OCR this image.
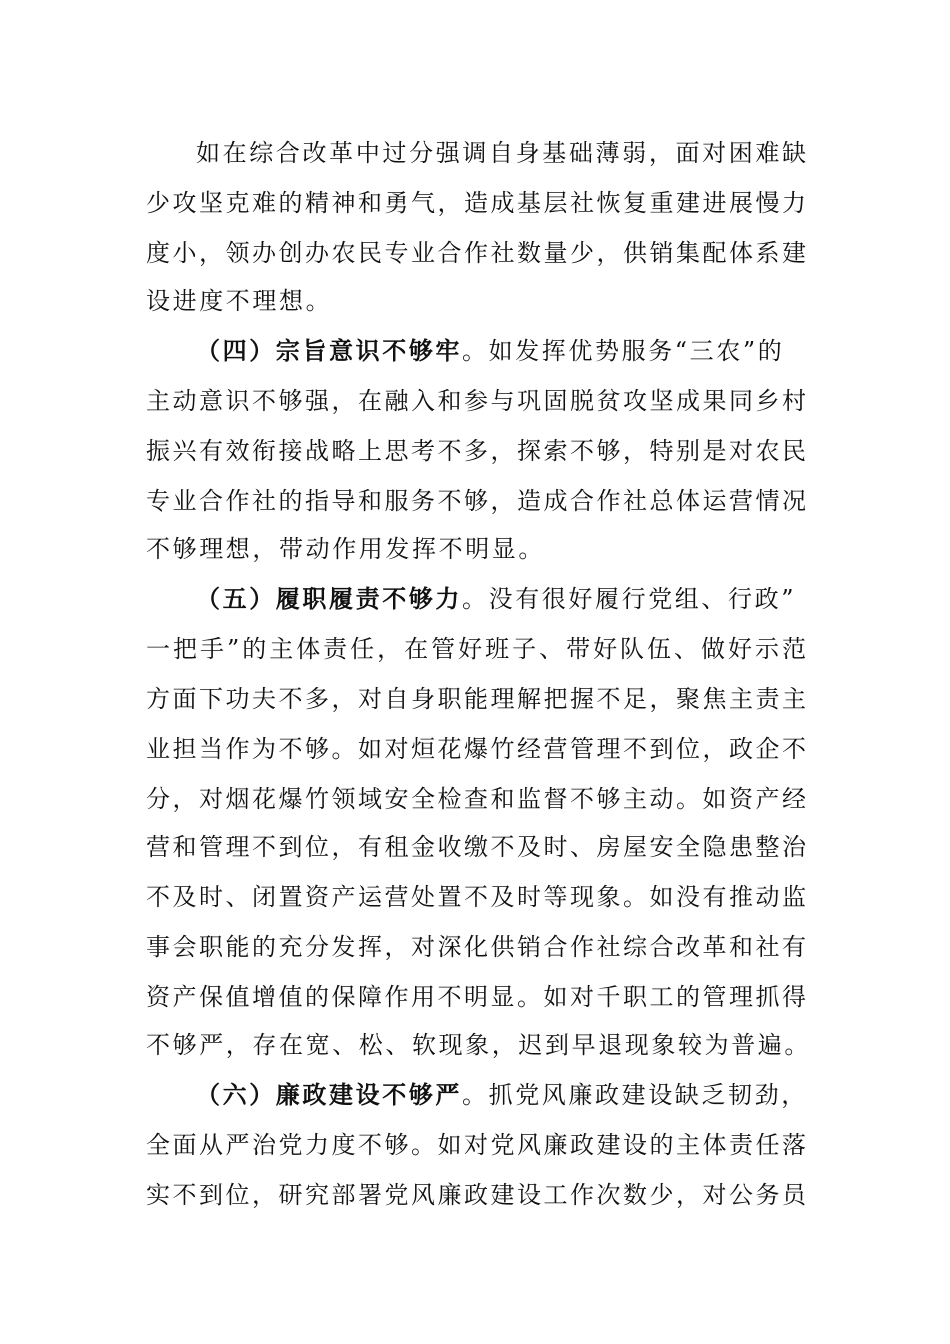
如在综合改革中过分强调自身基础薄弱，面对困难缺
少攻坚克难的精神和勇气，造成基层社恢复重建进展慢力
度小，领办创办农民专业合作社数量少，供销集配体系建
设进度不理想。
（四）宗旨意识不够牢。如发挥优势服务“三农”的
主动意识不够强，在融入和参与巩固脱贫攻坚成果同乡村
振兴有效衔接战略上思考不多，探索不够，特别是对农民
专业合作社的指导和服务不够，造成合作社总体运营情况
不够理想，带动作用发挥不明显。
（五）履职履责不够力。没有很好履行党组、行政”
一把手”的主体责任，在管好班子、带好队伍、做好示范
方面下功夫不多，对自身职能理解把握不足，聚焦主责主
业担当作为不够。如对烜花爆竹经营管理不到位，政企不
分，对烟花爆竹领域安全检查和监督不够主动。如资产经
营和管理不到位，有租金收缴不及时、房屋安全隐患整治
不及时、闭置资产运营处置不及时等现象。如没有推动监
事会职能的充分发挥，对深化供销合作社综合改革和社有
资产保值增值的保障作用不明显。如对千职工的管理抓得
不够严，存在宽、松、软现象，迟到早退现象较为普遍。
（六）廉政建设不够严。抓党风廉政建设缺乏韧劲，
全面从严治党力度不够。如对党风廉政建设的主体责任落
实不到位，研究部署党风廉政建设工作次数少，对公务员
